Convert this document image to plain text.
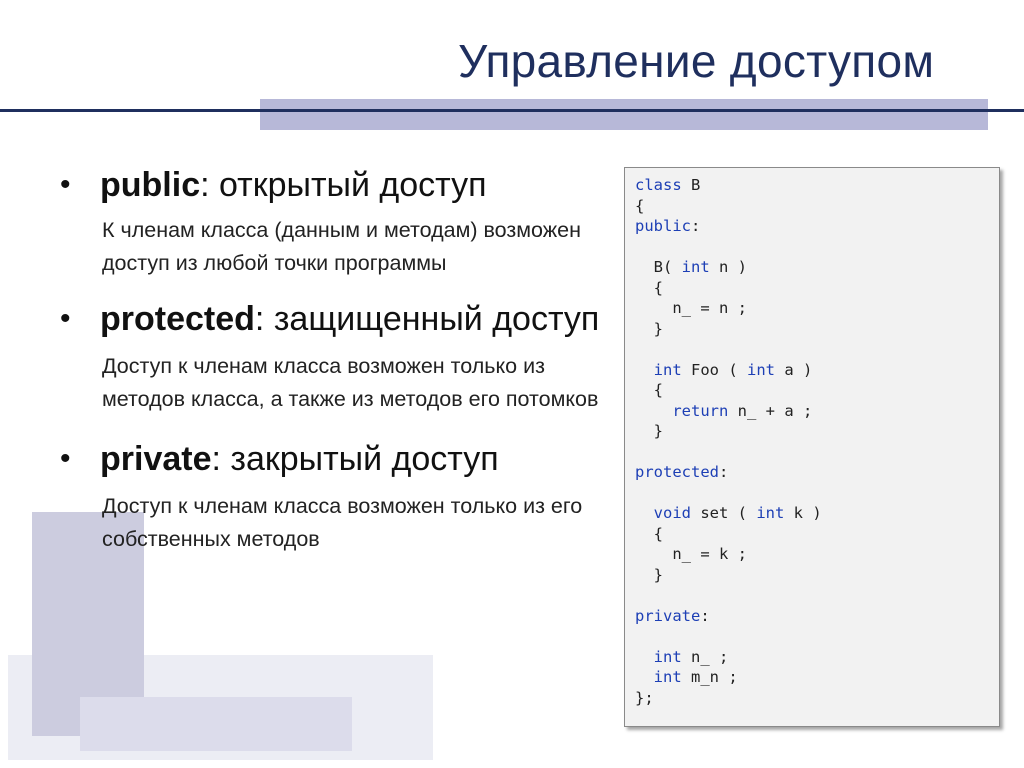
Управление доступом
• public: открытый доступ
К членам класса (данным и методам) возможен доступ из любой точки программы
• protected: защищенный доступ
Доступ к членам класса возможен только из методов класса, а также из методов его потомков
• private: закрытый доступ
Доступ к членам класса возможен только из его собственных методов
class B
{
public:

B( int n )
{
n_ = n ;
}

int Foo ( int a )
{
return n_ + a ;
}

protected:

void set ( int k )
{
n_ = k ;
}

private:

int n_ ;
int m_n ;
};
